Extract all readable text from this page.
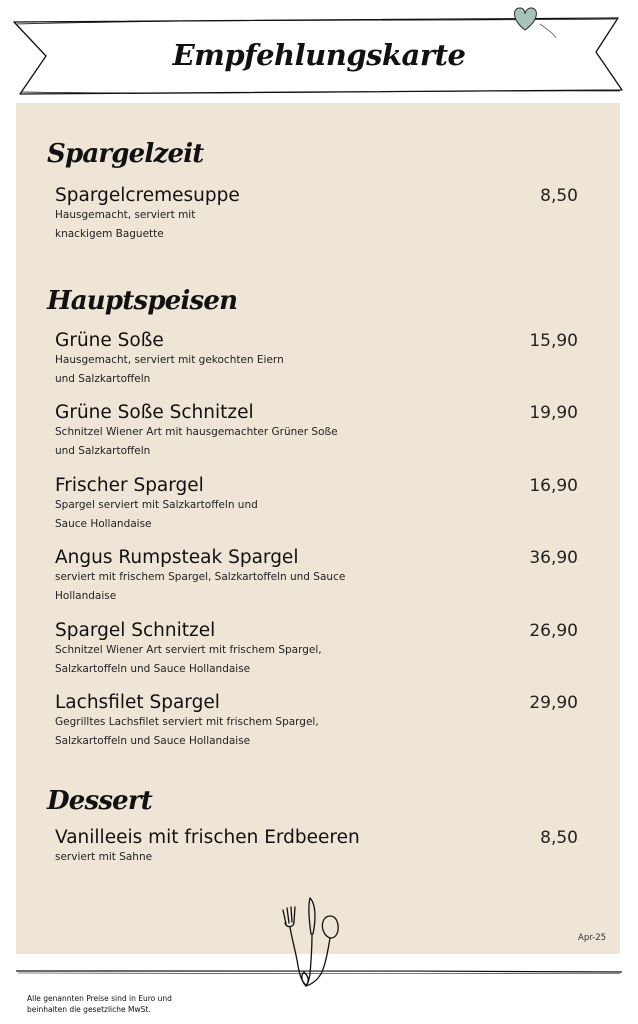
Empfehlungskarte
Spargelzeit
Spargelcremesuppe	8,50
Hausgemacht, serviert mit
knackigem Baguette
Hauptspeisen
Grüne Soße	15,90
Hausgemacht, serviert mit gekochten Eiern
und Salzkartoffeln
Grüne Soße Schnitzel	19,90
Schnitzel Wiener Art mit hausgemachter Grüner Soße
und Salzkartoffeln
Frischer Spargel	16,90
Spargel serviert mit Salzkartoffeln und
Sauce Hollandaise
Angus Rumpsteak Spargel	36,90
serviert mit frischem Spargel, Salzkartoffeln und Sauce
Hollandaise
Spargel Schnitzel	26,90
Schnitzel Wiener Art serviert mit frischem Spargel,
Salzkartoffeln und Sauce Hollandaise
Lachsfilet Spargel	29,90
Gegrilltes Lachsfilet serviert mit frischem Spargel,
Salzkartoffeln und Sauce Hollandaise
Dessert
Vanilleeis mit frischen Erdbeeren	8,50
serviert mit Sahne
Apr-25
Alle genannten Preise sind in Euro und
beinhalten die gesetzliche MwSt.
